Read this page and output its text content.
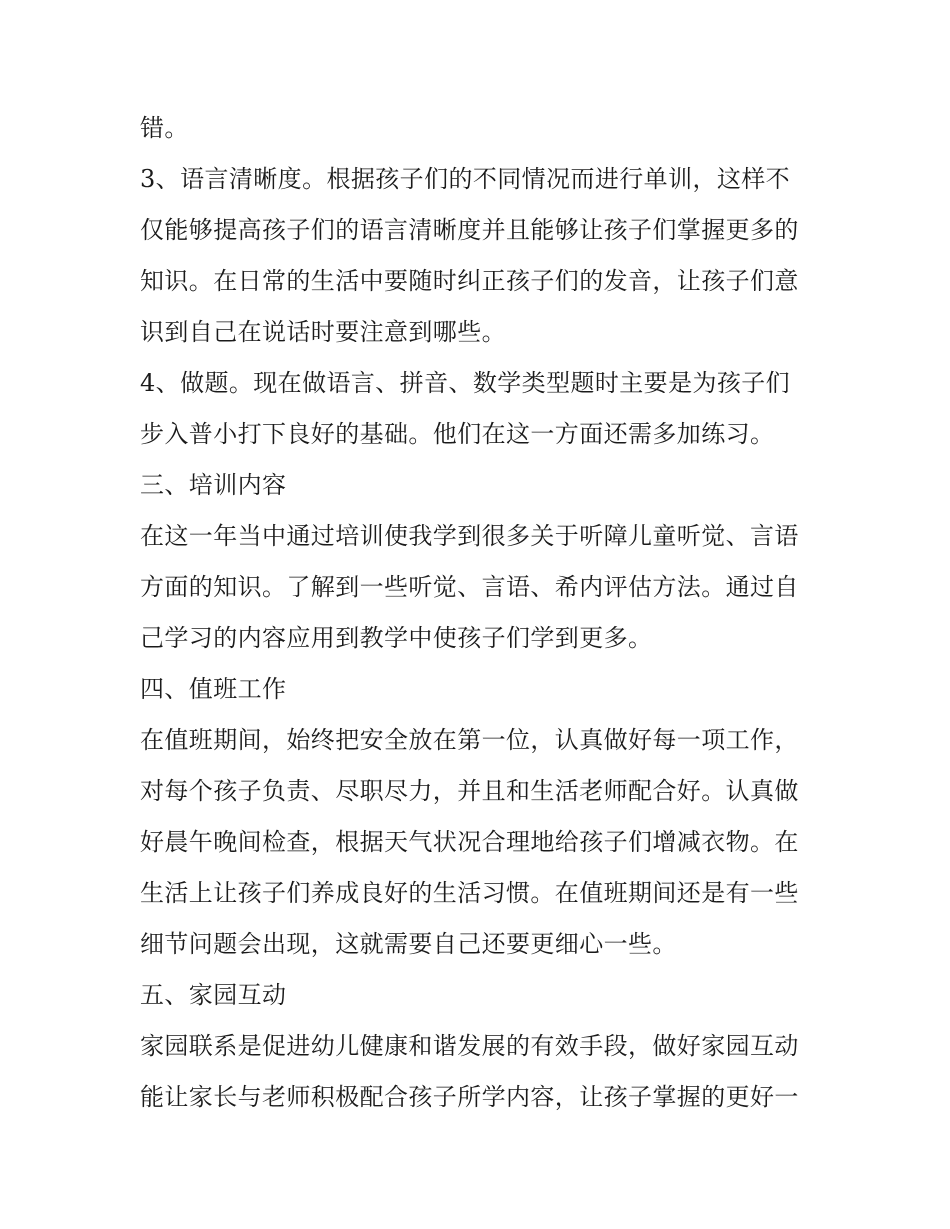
错。
3、语言清晰度。根据孩子们的不同情况而进行单训，这样不
仅能够提高孩子们的语言清晰度并且能够让孩子们掌握更多的
知识。在日常的生活中要随时纠正孩子们的发音，让孩子们意
识到自己在说话时要注意到哪些。
4、做题。现在做语言、拼音、数学类型题时主要是为孩子们
步入普小打下良好的基础。他们在这一方面还需多加练习。
三、培训内容
在这一年当中通过培训使我学到很多关于听障儿童听觉、言语
方面的知识。了解到一些听觉、言语、希内评估方法。通过自
己学习的内容应用到教学中使孩子们学到更多。
四、值班工作
在值班期间，始终把安全放在第一位，认真做好每一项工作，
对每个孩子负责、尽职尽力，并且和生活老师配合好。认真做
好晨午晚间检查，根据天气状况合理地给孩子们增减衣物。在
生活上让孩子们养成良好的生活习惯。在值班期间还是有一些
细节问题会出现，这就需要自己还要更细心一些。
五、家园互动
家园联系是促进幼儿健康和谐发展的有效手段，做好家园互动
能让家长与老师积极配合孩子所学内容，让孩子掌握的更好一
